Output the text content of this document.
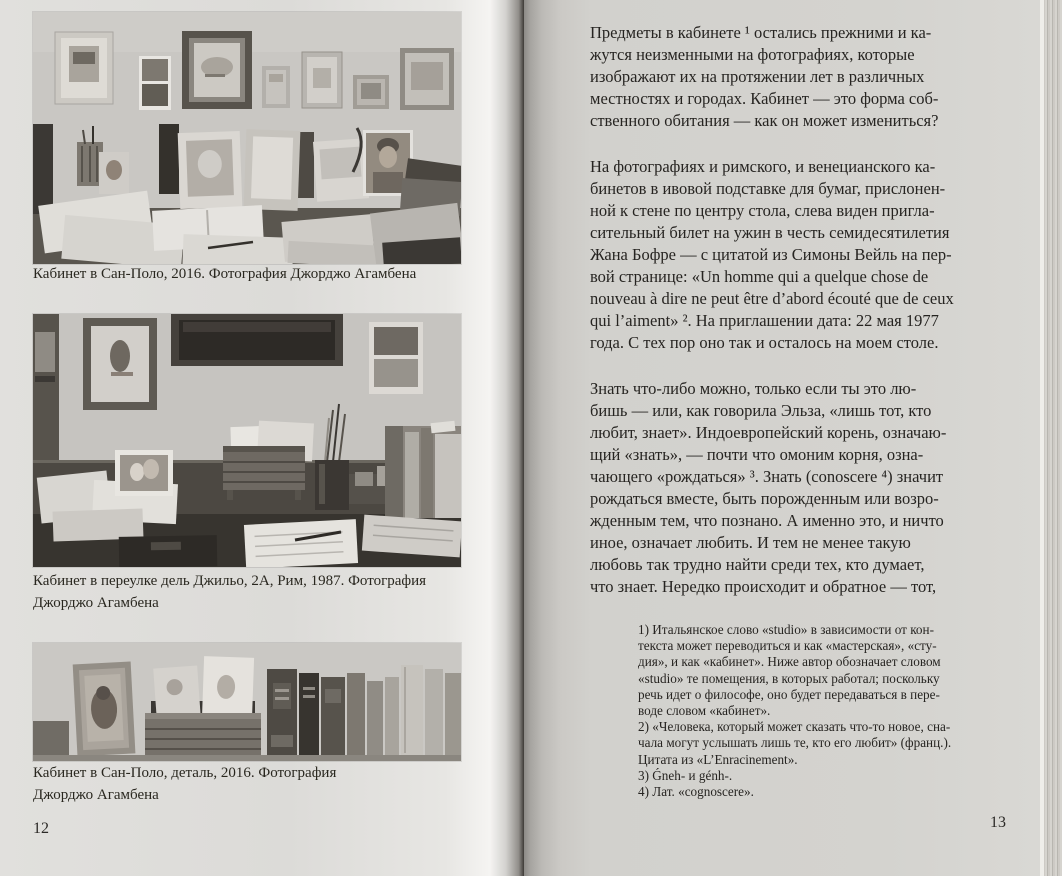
Кабинет в Сан-Поло, 2016. Фотография Джорджо Агамбена
Кабинет в переулке дель Джильо, 2А, Рим, 1987. Фотография
Джорджо Агамбена
Кабинет в Сан-Поло, деталь, 2016. Фотография
Джорджо Агамбена
12

Предметы в кабинете ¹ остались прежними и ка-
жутся неизменными на фотографиях, которые
изображают их на протяжении лет в различных
местностях и городах. Кабинет — это форма соб-
ственного обитания — как он может измениться?

На фотографиях и римского, и венецианского ка-
бинетов в ивовой подставке для бумаг, прислонен-
ной к стене по центру стола, слева виден пригла-
сительный билет на ужин в честь семидесятилетия
Жана Бофре — с цитатой из Симоны Вейль на пер-
вой странице: «Un homme qui a quelque chose de
nouveau à dire ne peut être d’abord écouté que de ceux
qui l’aiment» ². На приглашении дата: 22 мая 1977
года. С тех пор оно так и осталось на моем столе.

Знать что-либо можно, только если ты это лю-
бишь — или, как говорила Эльза, «лишь тот, кто
любит, знает». Индоевропейский корень, означаю-
щий «знать», — почти что омоним корня, озна-
чающего «рождаться» ³. Знать (conoscere ⁴) значит
рождаться вместе, быть порожденным или возро-
жденным тем, что познано. А именно это, и ничто
иное, означает любить. И тем не менее такую
любовь так трудно найти среди тех, кто думает,
что знает. Нередко происходит и обратное — тот,

1) Итальянское слово «studio» в зависимости от кон-
текста может переводиться и как «мастерская», «сту-
дия», и как «кабинет». Ниже автор обозначает словом
«studio» те помещения, в которых работал; поскольку
речь идет о философе, оно будет передаваться в пере-
воде словом «кабинет».
2) «Человека, который может сказать что-то новое, сна-
чала могут услышать лишь те, кто его любит» (франц.).
Цитата из «L’Enracinement».
3) Ǵneh- и génh-.
4) Лат. «cognoscere».
13
